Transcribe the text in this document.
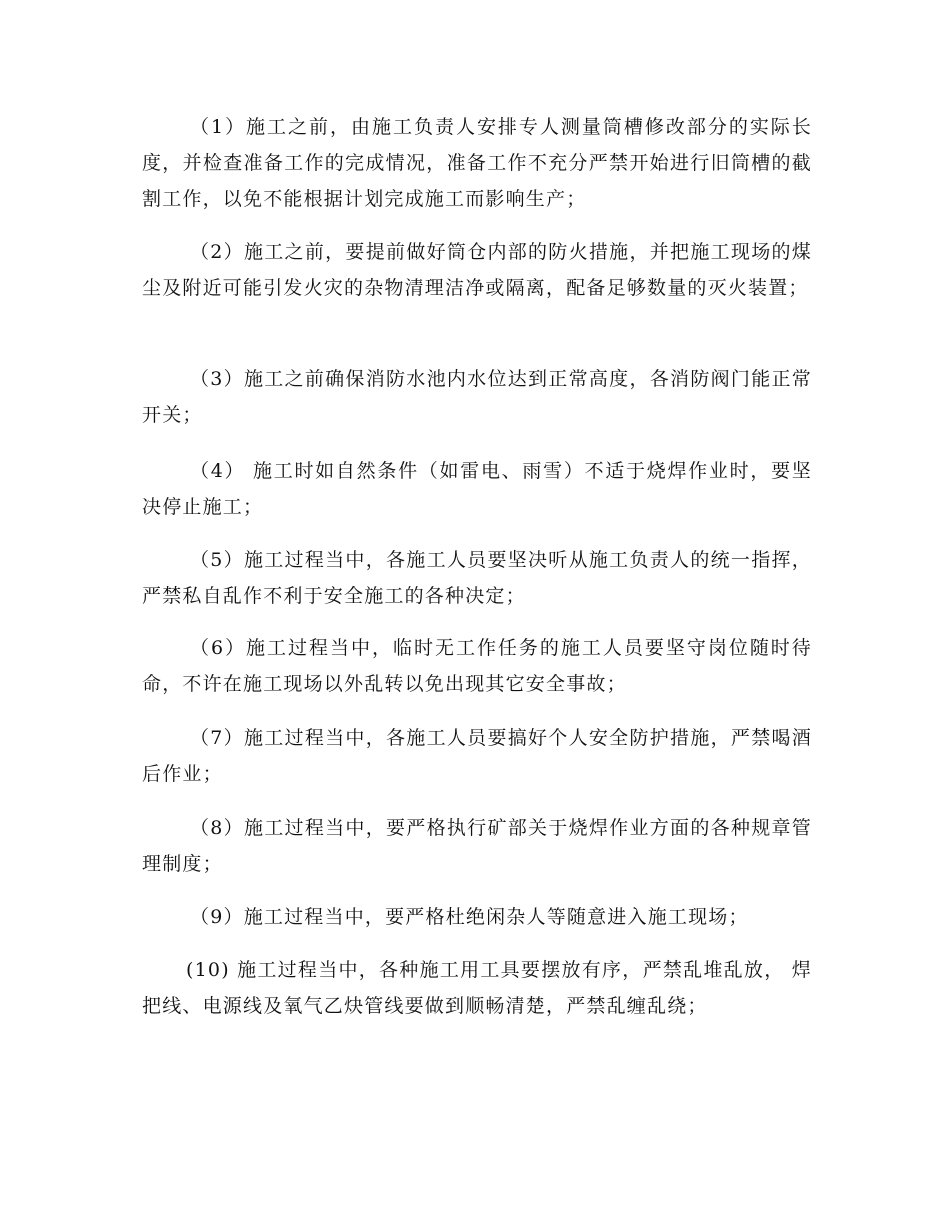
（1）施工之前，由施工负责人安排专人测量筒槽修改部分的实际长度，并检查准备工作的完成情况，准备工作不充分严禁开始进行旧筒槽的截割工作，以免不能根据计划完成施工而影响生产；

（2）施工之前，要提前做好筒仓内部的防火措施，并把施工现场的煤尘及附近可能引发火灾的杂物清理洁净或隔离，配备足够数量的灭火装置；

（3）施工之前确保消防水池内水位达到正常高度，各消防阀门能正常开关；

（4） 施工时如自然条件（如雷电、雨雪）不适于烧焊作业时，要坚决停止施工；

（5）施工过程当中，各施工人员要坚决听从施工负责人的统一指挥，严禁私自乱作不利于安全施工的各种决定；

（6）施工过程当中，临时无工作任务的施工人员要坚守岗位随时待命，不许在施工现场以外乱转以免出现其它安全事故；

（7）施工过程当中，各施工人员要搞好个人安全防护措施，严禁喝酒后作业；

（8）施工过程当中，要严格执行矿部关于烧焊作业方面的各种规章管理制度；

（9）施工过程当中，要严格杜绝闲杂人等随意进入施工现场；

(10) 施工过程当中，各种施工用工具要摆放有序，严禁乱堆乱放， 焊把线、电源线及氧气乙炔管线要做到顺畅清楚，严禁乱缠乱绕；
